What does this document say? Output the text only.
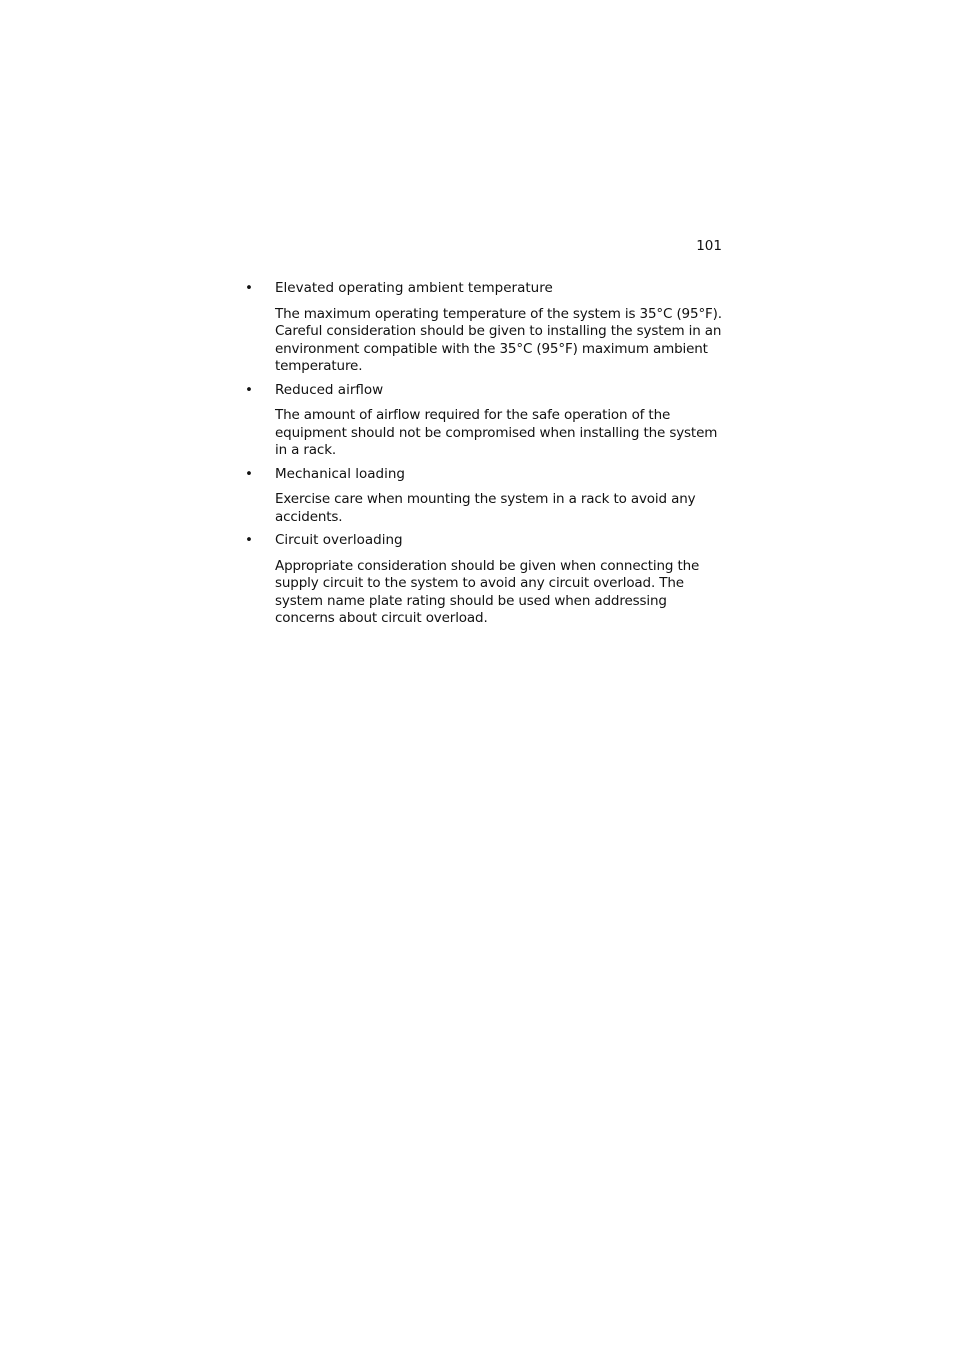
101
• Elevated operating ambient temperature
The maximum operating temperature of the system is 35°C (95°F). Careful consideration should be given to installing the system in an environment compatible with the 35°C (95°F) maximum ambient temperature.
• Reduced airflow
The amount of airflow required for the safe operation of the equipment should not be compromised when installing the system in a rack.
• Mechanical loading
Exercise care when mounting the system in a rack to avoid any accidents.
• Circuit overloading
Appropriate consideration should be given when connecting the supply circuit to the system to avoid any circuit overload. The system name plate rating should be used when addressing concerns about circuit overload.
